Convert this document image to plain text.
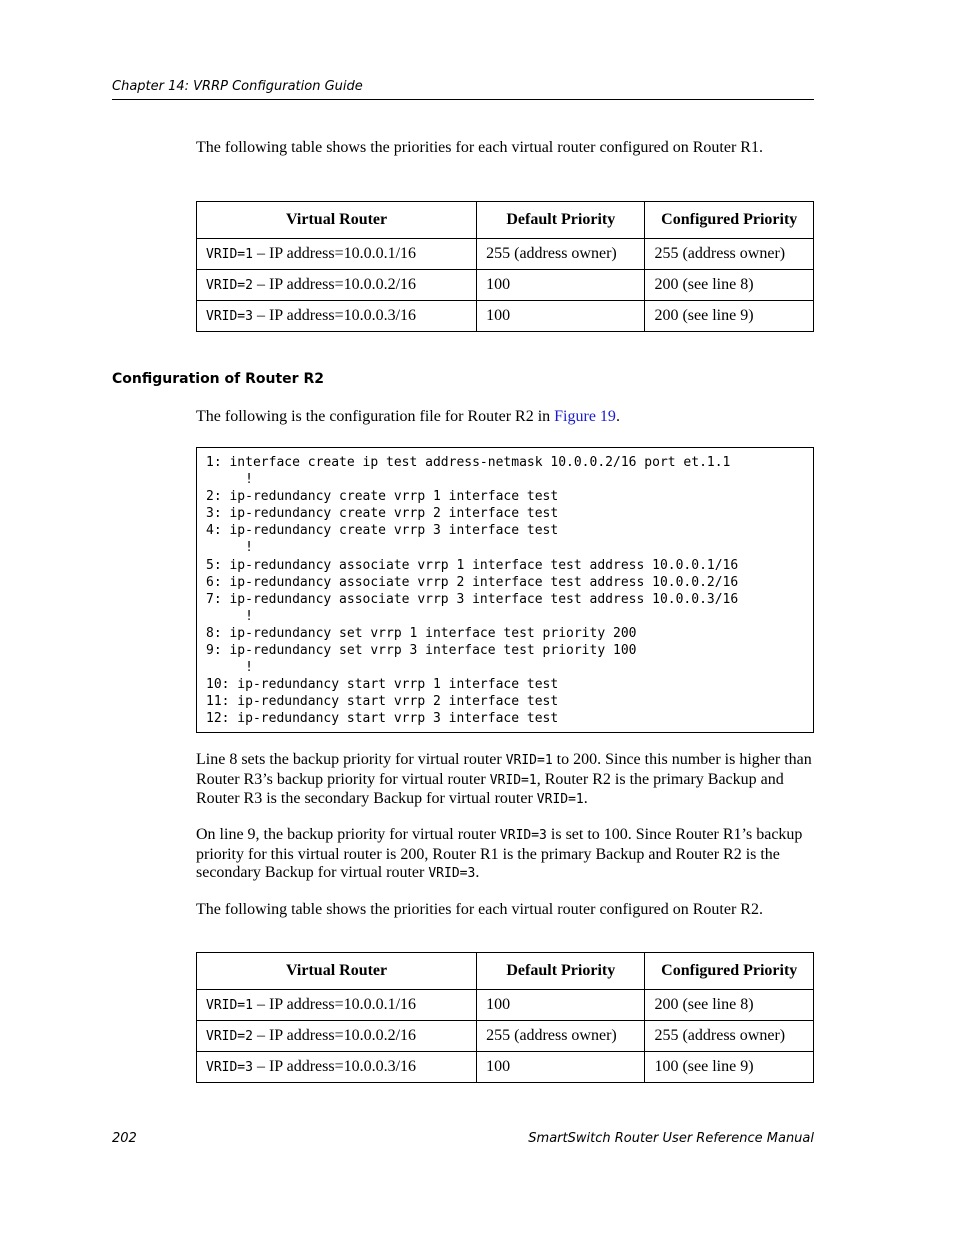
Chapter 14: VRRP Configuration Guide

The following table shows the priorities for each virtual router configured on Router R1.

Virtual Router	Default Priority	Configured Priority
VRID=1 – IP address=10.0.0.1/16	255 (address owner)	255 (address owner)
VRID=2 – IP address=10.0.0.2/16	100	200 (see line 8)
VRID=3 – IP address=10.0.0.3/16	100	200 (see line 9)
Configuration of Router R2

The following is the configuration file for Router R2 in Figure 19.

1: interface create ip test address-netmask 10.0.0.2/16 port et.1.1
!
2: ip-redundancy create vrrp 1 interface test
3: ip-redundancy create vrrp 2 interface test
4: ip-redundancy create vrrp 3 interface test
!
5: ip-redundancy associate vrrp 1 interface test address 10.0.0.1/16
6: ip-redundancy associate vrrp 2 interface test address 10.0.0.2/16
7: ip-redundancy associate vrrp 3 interface test address 10.0.0.3/16
!
8: ip-redundancy set vrrp 1 interface test priority 200
9: ip-redundancy set vrrp 3 interface test priority 100
!
10: ip-redundancy start vrrp 1 interface test
11: ip-redundancy start vrrp 2 interface test
12: ip-redundancy start vrrp 3 interface test

Line 8 sets the backup priority for virtual router VRID=1 to 200. Since this number is higher than Router R3’s backup priority for virtual router VRID=1, Router R2 is the primary Backup and Router R3 is the secondary Backup for virtual router VRID=1.

On line 9, the backup priority for virtual router VRID=3 is set to 100. Since Router R1’s backup priority for this virtual router is 200, Router R1 is the primary Backup and Router R2 is the secondary Backup for virtual router VRID=3.

The following table shows the priorities for each virtual router configured on Router R2.

Virtual Router	Default Priority	Configured Priority
VRID=1 – IP address=10.0.0.1/16	100	200 (see line 8)
VRID=2 – IP address=10.0.0.2/16	255 (address owner)	255 (address owner)
VRID=3 – IP address=10.0.0.3/16	100	100 (see line 9)
202	SmartSwitch Router User Reference Manual
